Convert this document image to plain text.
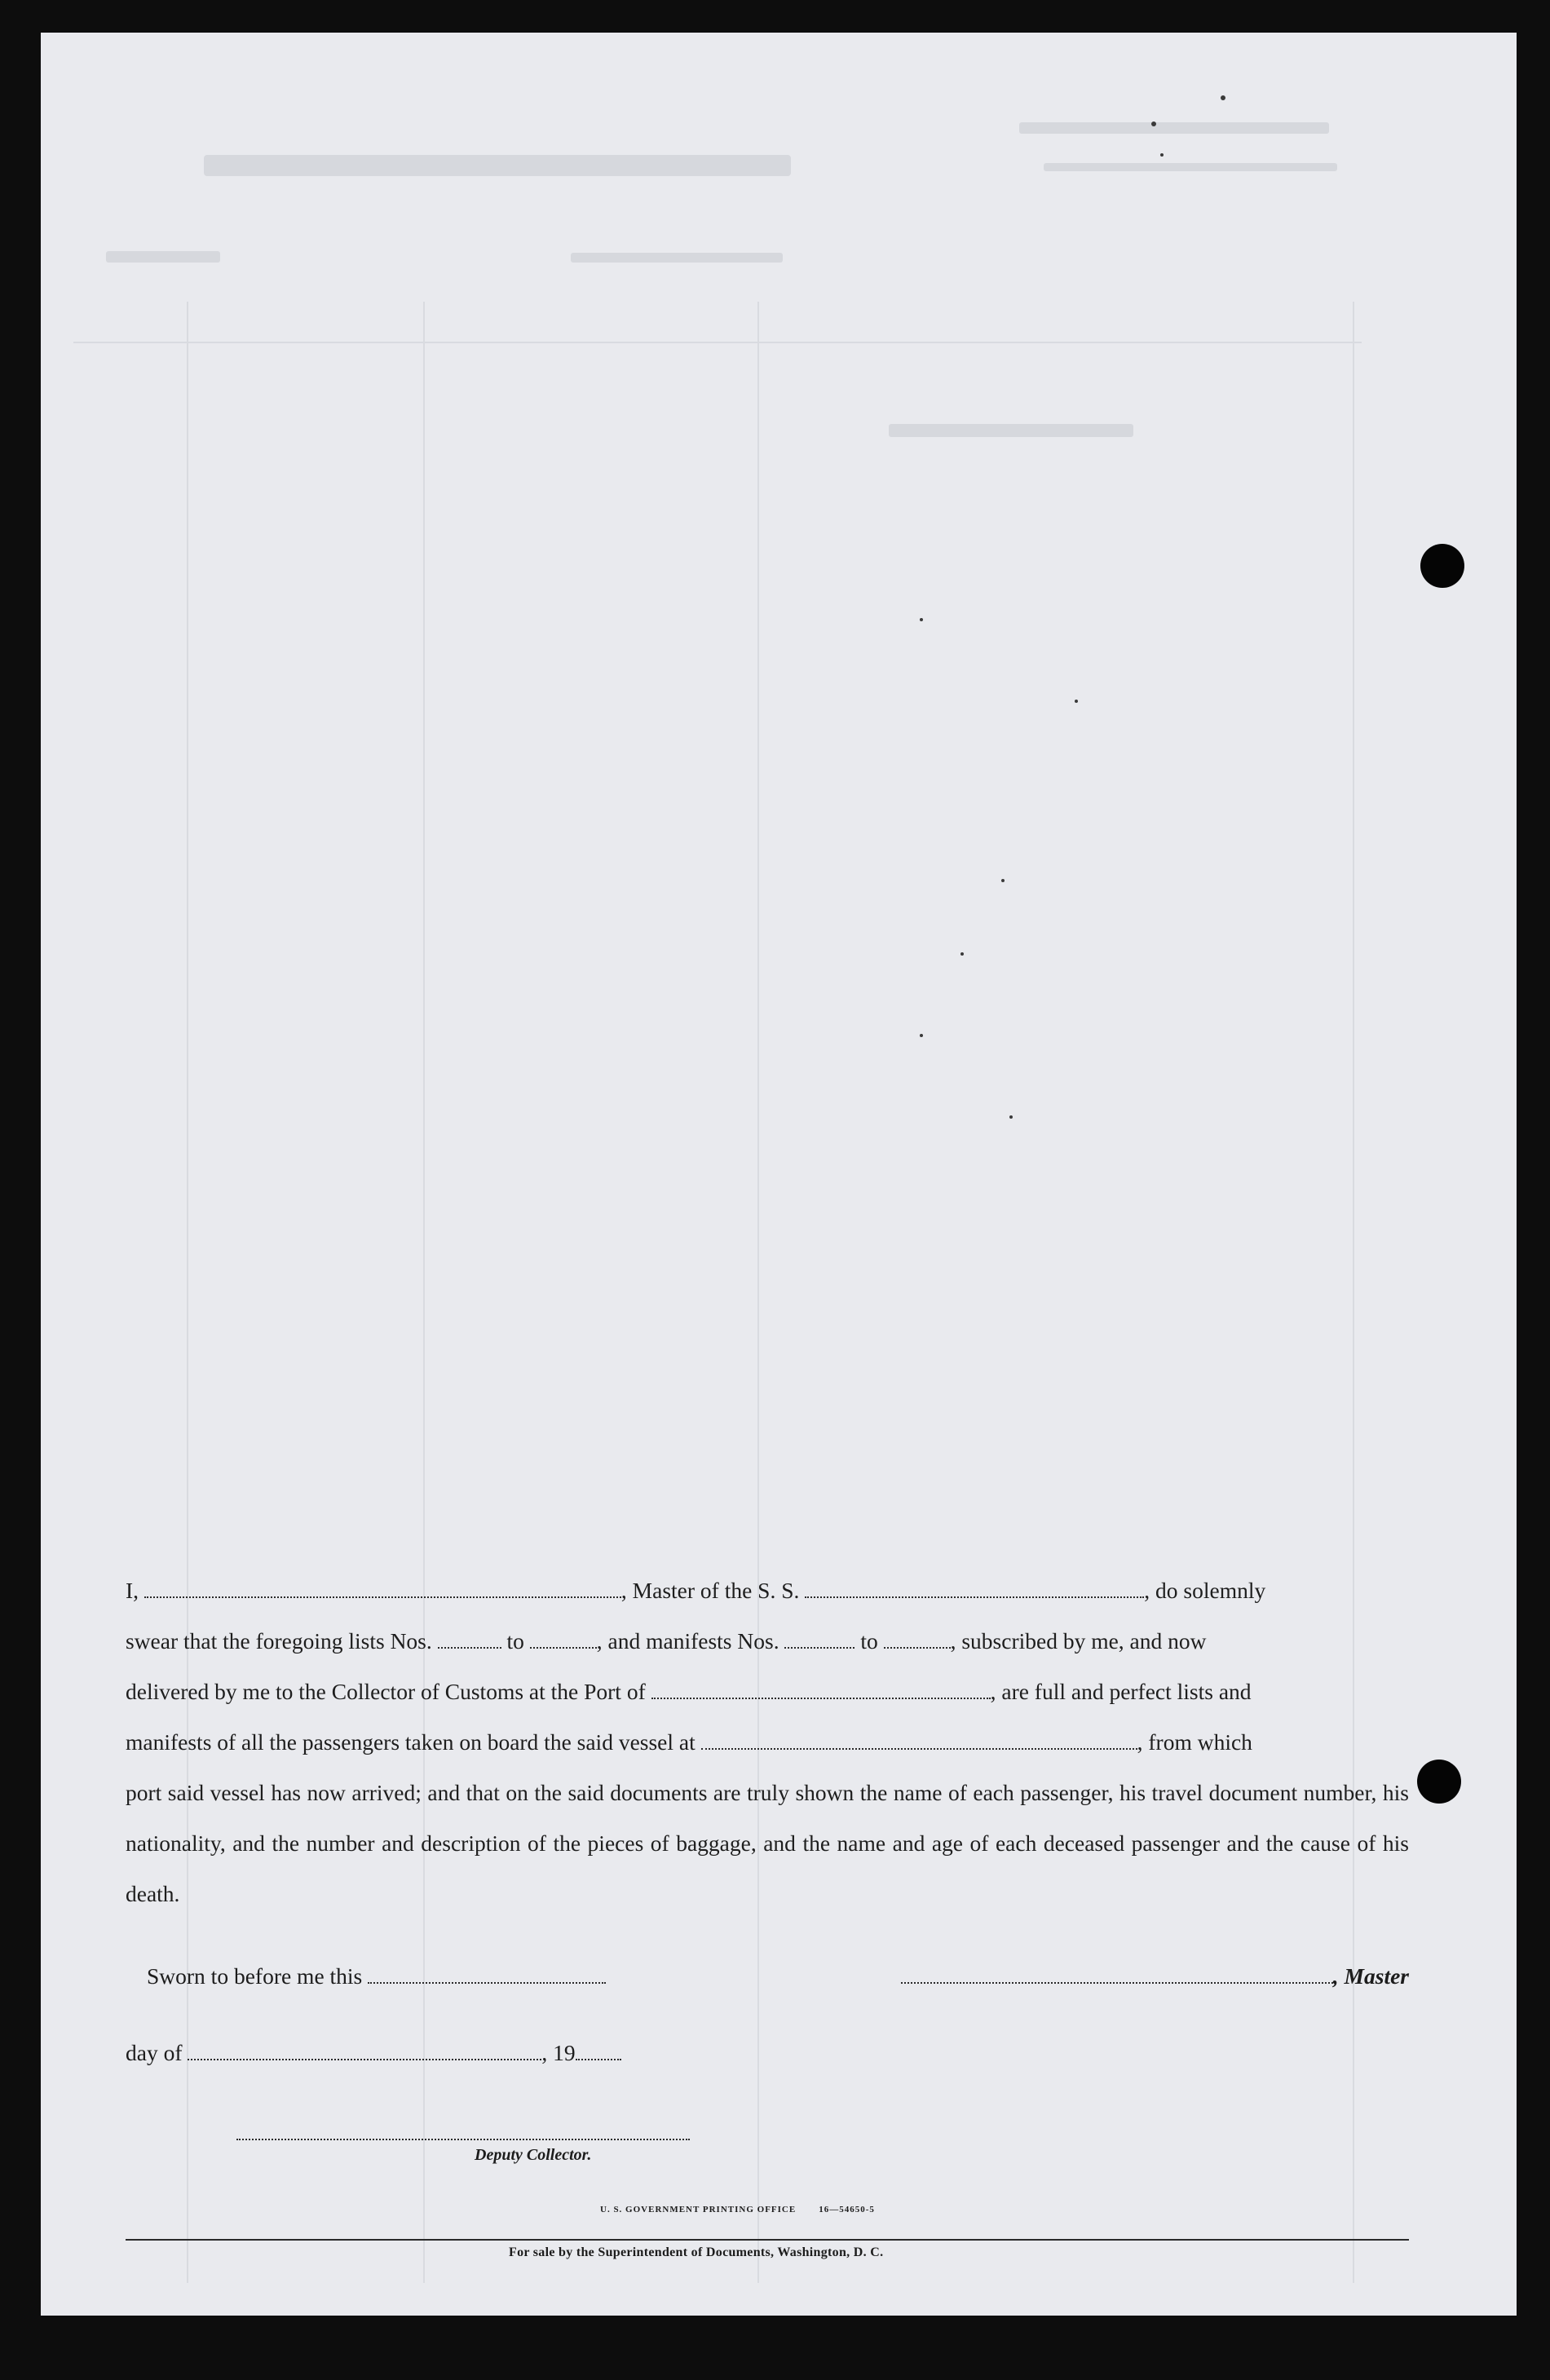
I,	, Master of the S. S.	, do solemnly

swear that the foregoing lists Nos.	to	, and manifests Nos.	to	, subscribed by me, and now

delivered by me to the Collector of Customs at the Port of	, are full and perfect lists and

manifests of all the passengers taken on board the said vessel at	, from which

port said vessel has now arrived; and that on the said documents are truly shown the name of each passenger, his travel document number, his nationality, and the number and description of the pieces of baggage, and the name and age of each deceased passenger and the cause of his death.

Sworn to before me this	, Master
day of	, 19
Deputy Collector.
U. S. GOVERNMENT PRINTING OFFICE	16—54650-5
For sale by the Superintendent of Documents, Washington, D. C.
